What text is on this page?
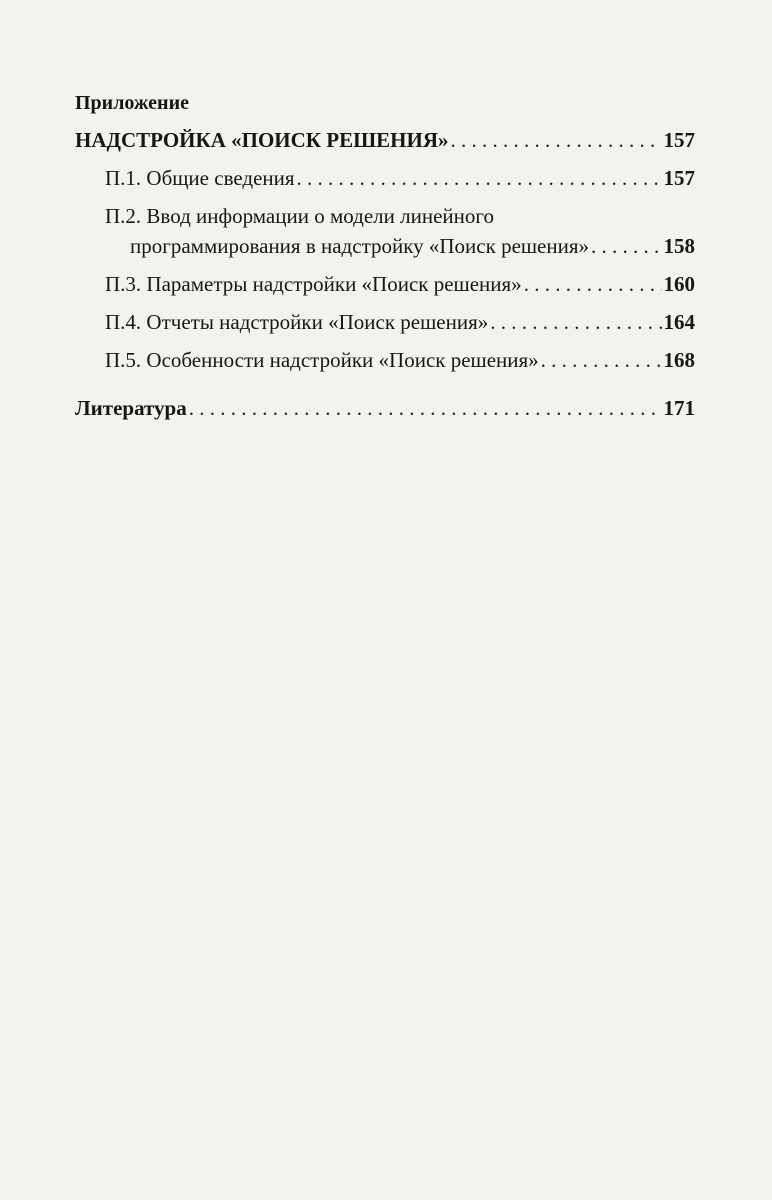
Приложение
НАДСТРОЙКА «ПОИСК РЕШЕНИЯ» . . .	157
П.1. Общие сведения . . .	157
П.2. Ввод информации о модели линейного
программирования в надстройку «Поиск решения» . . .	158
П.3. Параметры надстройки «Поиск решения» . . .	160
П.4. Отчеты надстройки «Поиск решения» . . .	164
П.5. Особенности надстройки «Поиск решения» . . .	168
Литература . . .	171
